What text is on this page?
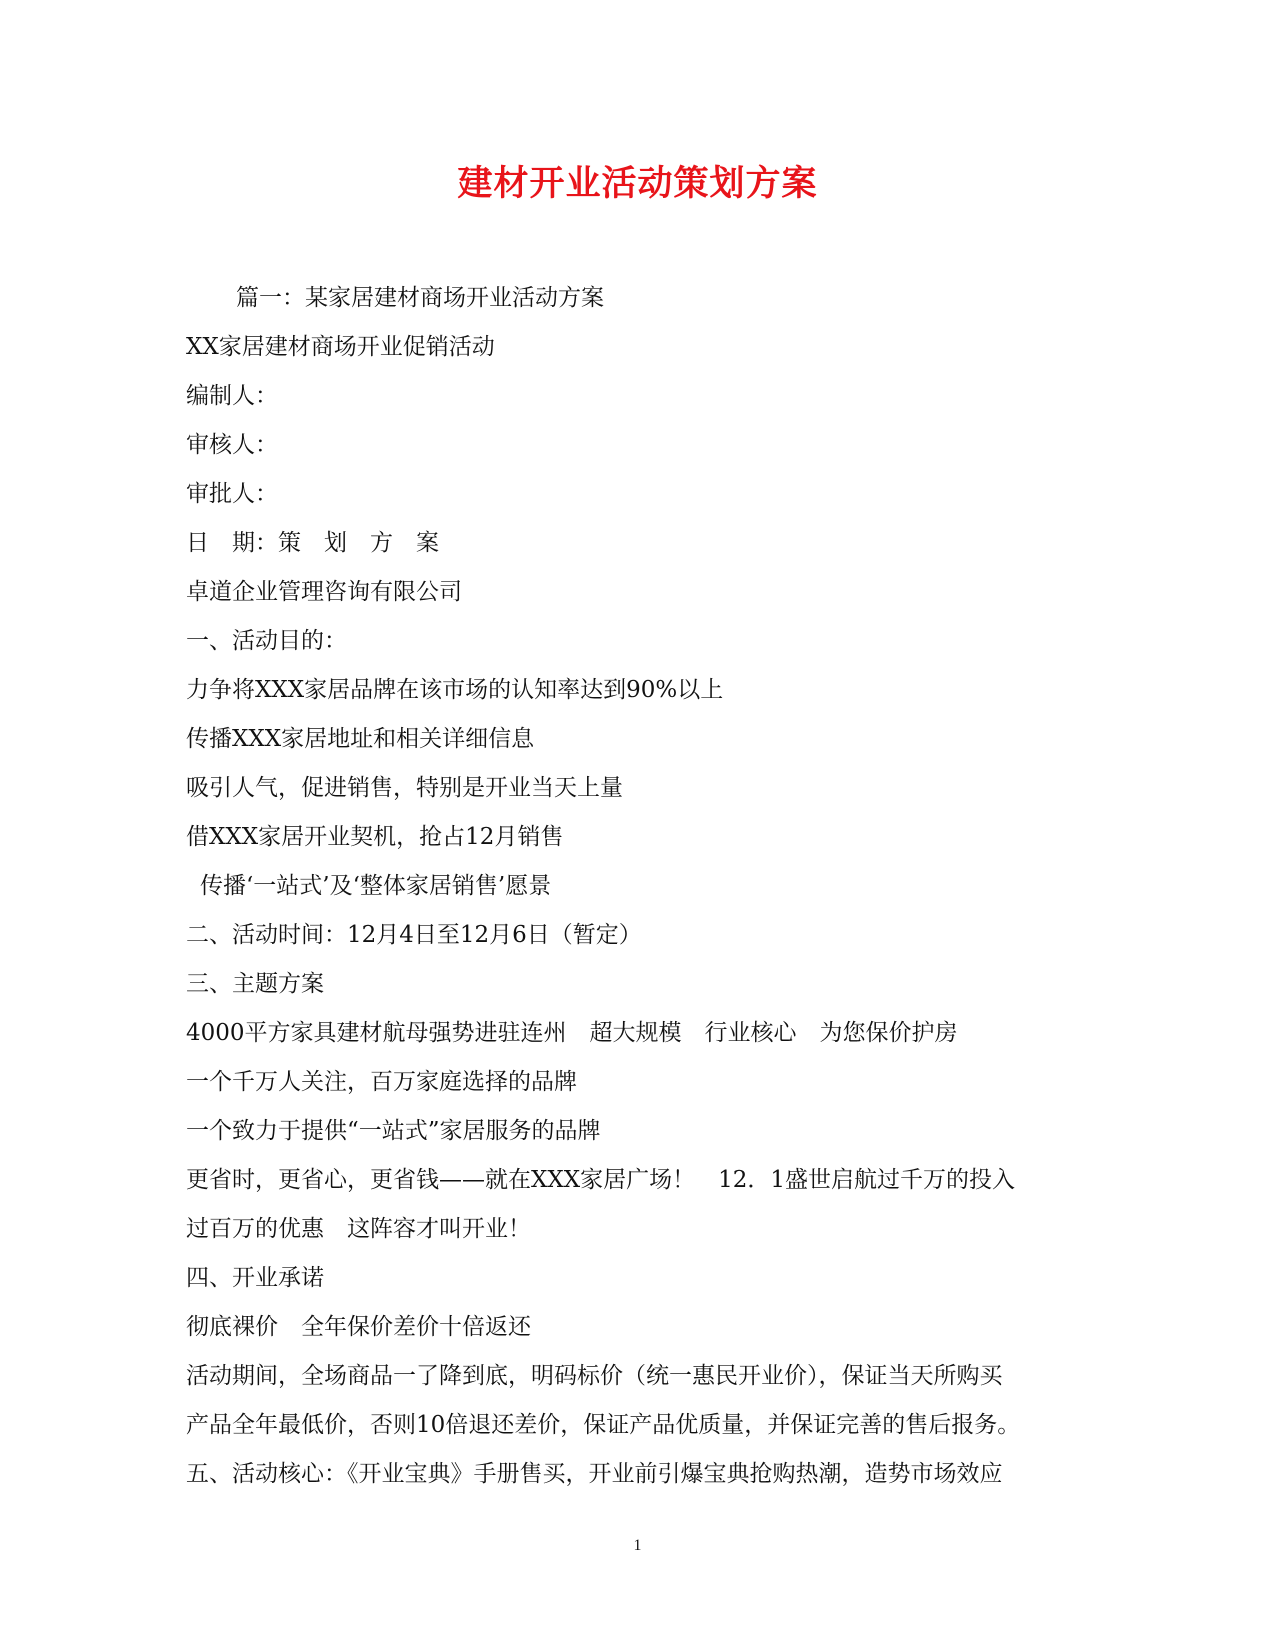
建材开业活动策划方案
篇一：某家居建材商场开业活动方案
XX家居建材商场开业促销活动
编制人：
审核人：
审批人：
日　期：策　划　方　案
卓道企业管理咨询有限公司
一、活动目的：
力争将XXX家居品牌在该市场的认知率达到90%以上
传播XXX家居地址和相关详细信息
吸引人气，促进销售，特别是开业当天上量
借XXX家居开业契机，抢占12月销售
传播‘一站式’及‘整体家居销售’愿景
二、活动时间：12月4日至12月6日（暂定）
三、主题方案
4000平方家具建材航母强势进驻连州　超大规模　行业核心　为您保价护房
一个千万人关注，百万家庭选择的品牌
一个致力于提供“一站式”家居服务的品牌
更省时，更省心，更省钱——就在XXX家居广场！　12．1盛世启航过千万的投入
过百万的优惠　这阵容才叫开业！
四、开业承诺
彻底裸价　全年保价差价十倍返还
活动期间，全场商品一了降到底，明码标价（统一惠民开业价），保证当天所购买
产品全年最低价，否则10倍退还差价，保证产品优质量，并保证完善的售后报务。
五、活动核心：《开业宝典》手册售买，开业前引爆宝典抢购热潮，造势市场效应
1
